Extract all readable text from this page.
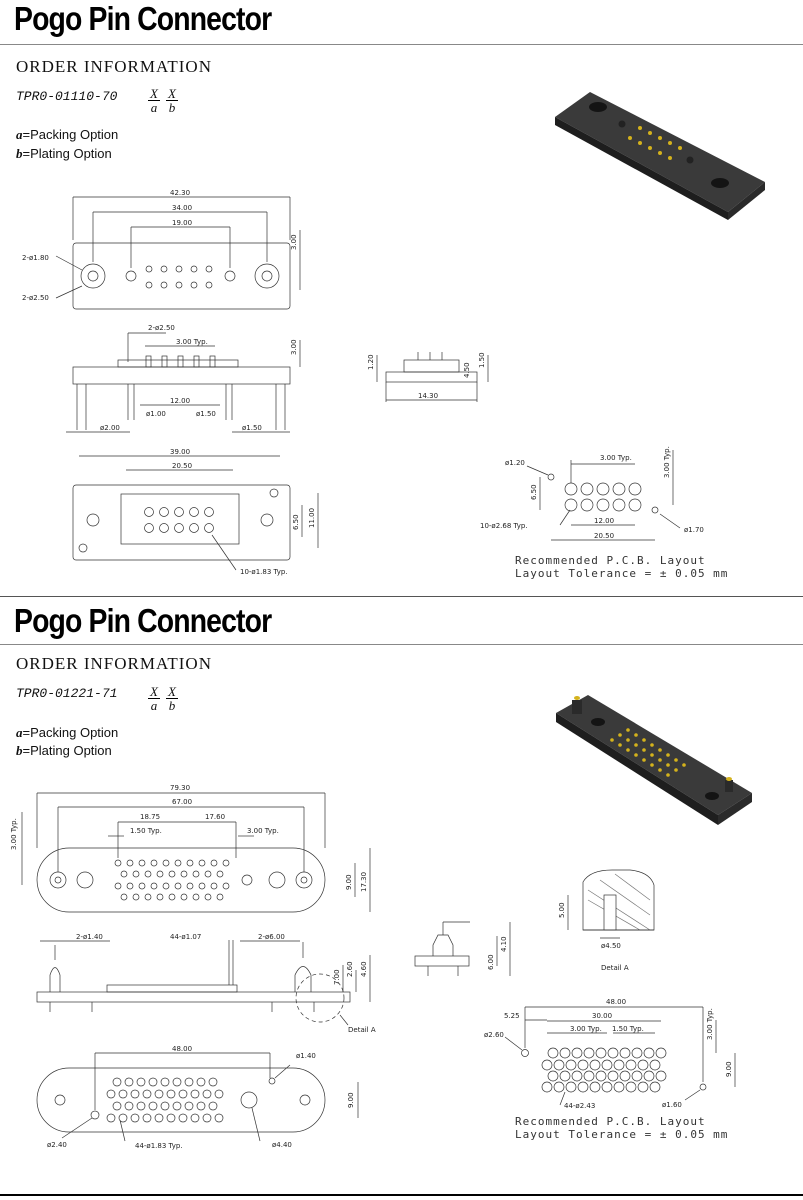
Pogo Pin Connector
ORDER INFORMATION
$TPR0-01110-70 \frac{X}{a} \frac{X}{b}$
a=Packing Option
b=Plating Option
42.30
34.00
19.00
3.00
2-ø1.80
2-ø2.50
2-ø2.50
3.00 Typ.	3.00
12.00
ø1.00	ø1.50
ø2.00	ø1.50
1.20
4.50
1.50
14.30
39.00
20.50
6.50 11.00
10-ø1.83 Typ.
ø1.20
3.00 Typ.	3.00 Typ.
6.50
12.00
20.50
10-ø2.68 Typ.	ø1.70
Recommended P.C.B. Layout
Layout Tolerance = ± 0.05 mm
Pogo Pin Connector
ORDER INFORMATION
$TPR0-01221-71 \frac{X}{a} \frac{X}{b}$
a=Packing Option
b=Plating Option
79.30
67.00
18.75	17.60
1.50 Typ.	3.00 Typ.
3.00 Typ.
9.00 17.30
2-ø1.40	44-ø1.07	2-ø6.00
7.00
2.60 4.60
Detail A
48.00
ø1.40
9.00
ø2.40	44-ø1.83 Typ.	ø4.40
6.00
4.10
5.00
ø4.50
Detail A
48.00
5.25	30.00
3.00 Typ. 1.50 Typ.	3.00 Typ.
ø2.60
9.00
44-ø2.43	ø1.60
Recommended P.C.B. Layout
Layout Tolerance = ± 0.05 mm
